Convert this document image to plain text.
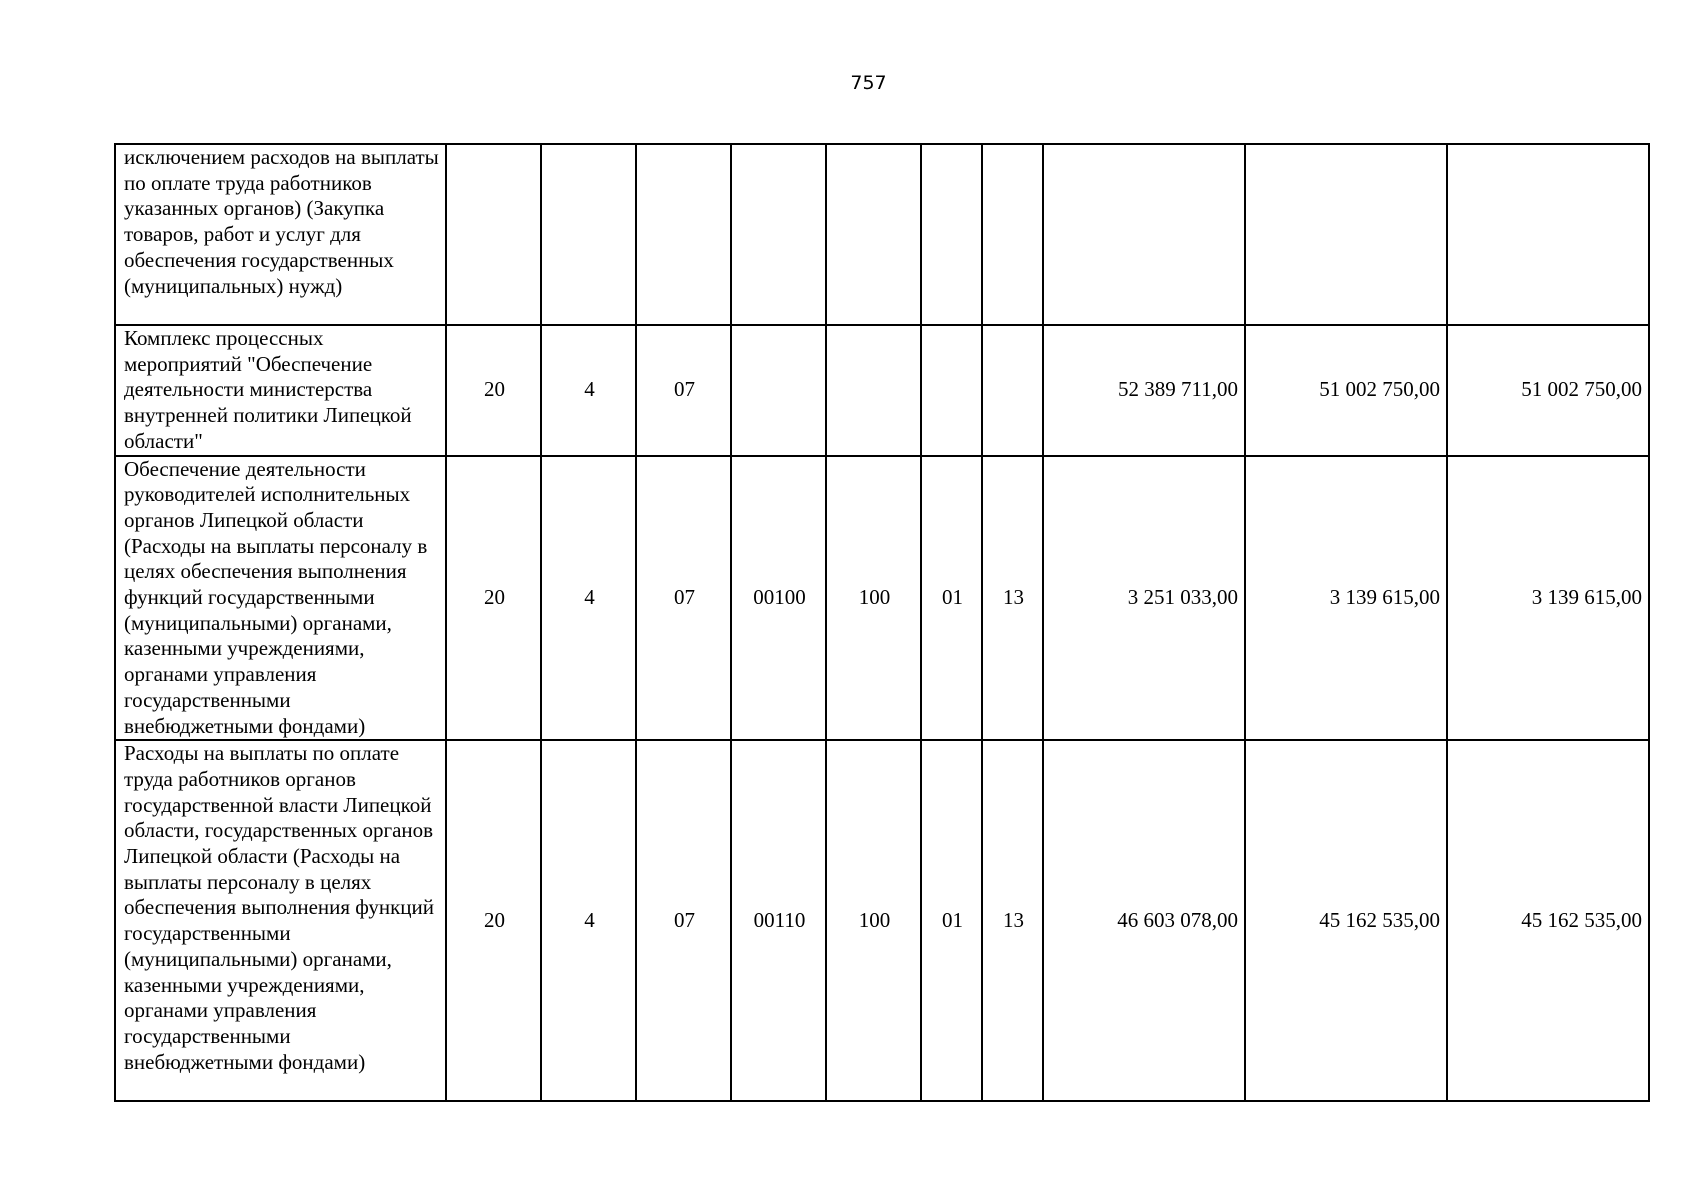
757
исключением расходов на выплаты по оплате труда работников указанных органов) (Закупка товаров, работ и услуг для обеспечения государственных (муниципальных) нужд)										
Комплекс процессных мероприятий "Обеспечение деятельности министерства внутренней политики Липецкой области"	20	4	07					52 389 711,00	51 002 750,00	51 002 750,00
Обеспечение деятельности руководителей исполнительных органов Липецкой области (Расходы на выплаты персоналу в целях обеспечения выполнения функций государственными (муниципальными) органами, казенными учреждениями, органами управления государственными внебюджетными фондами)	20	4	07	00100	100	01	13	3 251 033,00	3 139 615,00	3 139 615,00
Расходы на выплаты по оплате труда работников органов государственной власти Липецкой области, государственных органов Липецкой области (Расходы на выплаты персоналу в целях обеспечения выполнения функций государственными (муниципальными) органами, казенными учреждениями, органами управления государственными внебюджетными фондами)	20	4	07	00110	100	01	13	46 603 078,00	45 162 535,00	45 162 535,00
